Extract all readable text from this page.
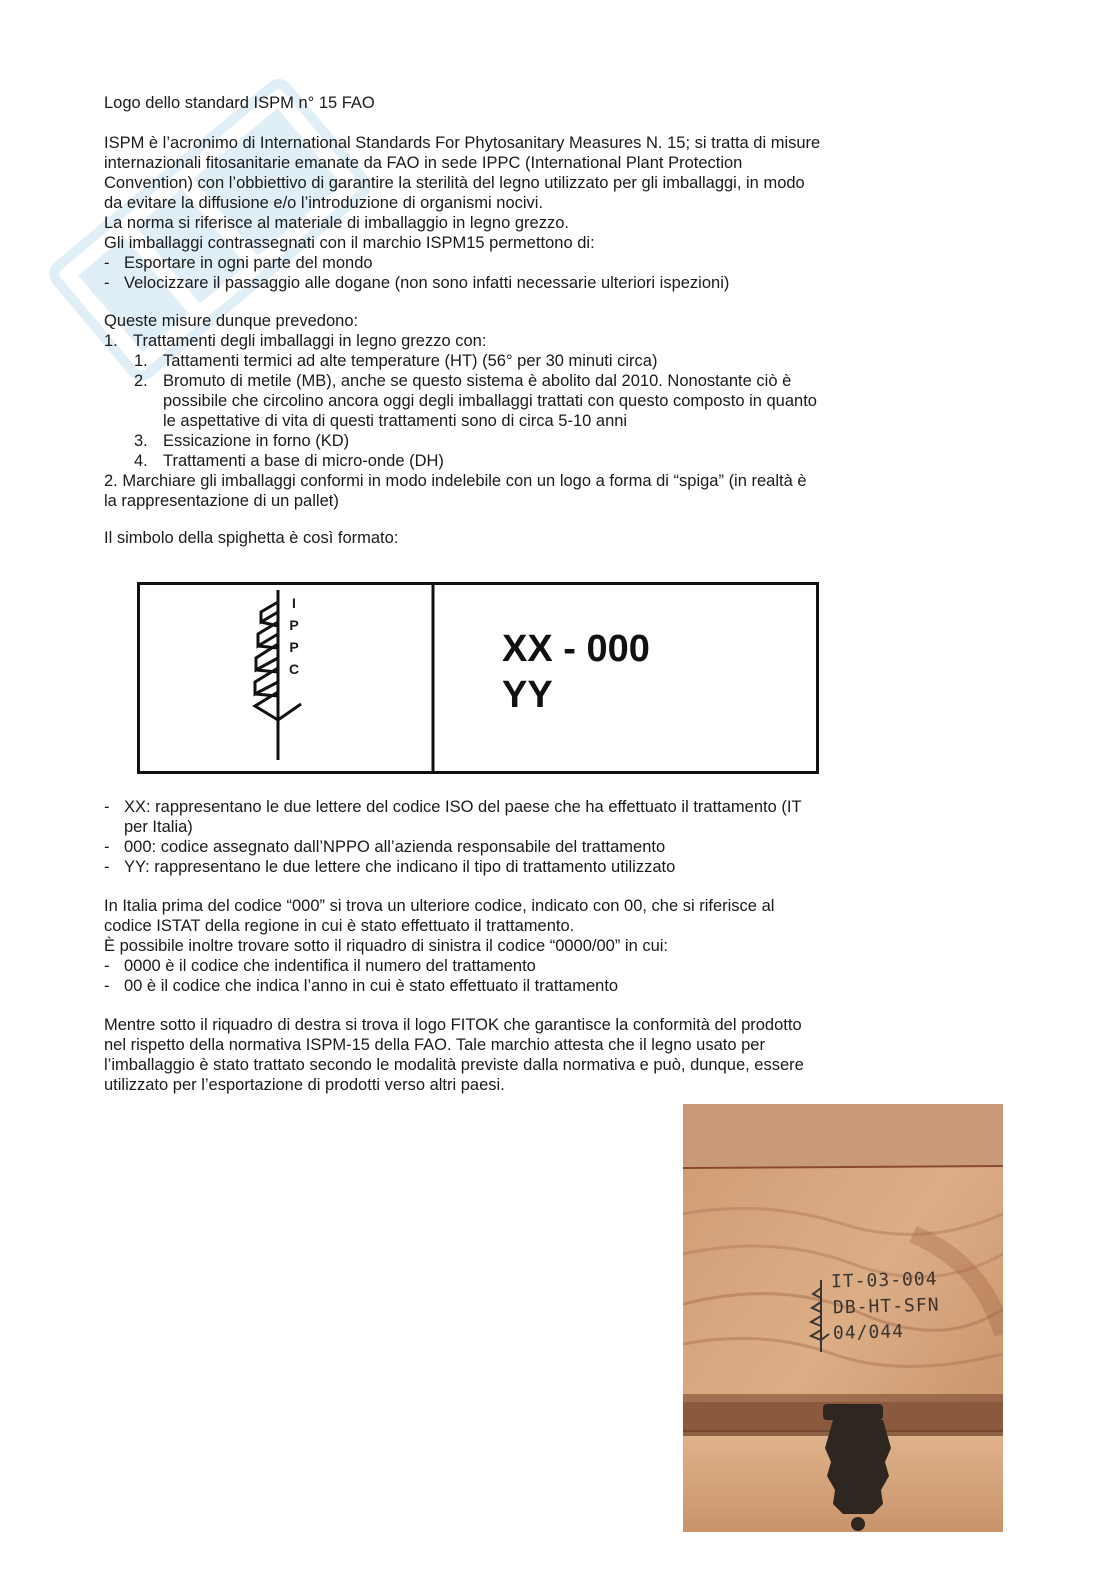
Logo dello standard ISPM n° 15 FAO
ISPM è l’acronimo di International Standards For Phytosanitary Measures N. 15; si tratta di misure
internazionali fitosanitarie emanate da FAO in sede IPPC (International Plant Protection
Convention) con l’obbiettivo di garantire la sterilità del legno utilizzato per gli imballaggi, in modo
da evitare la diffusione e/o l’introduzione di organismi nocivi.
La norma si riferisce al materiale di imballaggio in legno grezzo.
Gli imballaggi contrassegnati con il marchio ISPM15 permettono di:
- Esportare in ogni parte del mondo
- Velocizzare il passaggio alle dogane (non sono infatti necessarie ulteriori ispezioni)
Queste misure dunque prevedono:
1. Trattamenti degli imballaggi in legno grezzo con:
1. Tattamenti termici ad alte temperature (HT) (56° per 30 minuti circa)
2. Bromuto di metile (MB), anche se questo sistema è abolito dal 2010. Nonostante ciò è
possibile che circolino ancora oggi degli imballaggi trattati con questo composto in quanto
le aspettative di vita di questi trattamenti sono di circa 5-10 anni
3. Essicazione in forno (KD)
4. Trattamenti a base di micro-onde (DH)
2. Marchiare gli imballaggi conformi in modo indelebile con un logo a forma di “spiga” (in realtà è
la rappresentazione di un pallet)
Il simbolo della spighetta è così formato:
I
P
P
C	XX - 000
YY
- XX: rappresentano le due lettere del codice ISO del paese che ha effettuato il trattamento (IT
per Italia)
- 000: codice assegnato dall’NPPO all’azienda responsabile del trattamento
- YY: rappresentano le due lettere che indicano il tipo di trattamento utilizzato
In Italia prima del codice “000” si trova un ulteriore codice, indicato con 00, che si riferisce al
codice ISTAT della regione in cui è stato effettuato il trattamento.
È possibile inoltre trovare sotto il riquadro di sinistra il codice “0000/00” in cui:
- 0000 è il codice che indentifica il numero del trattamento
- 00 è il codice che indica l’anno in cui è stato effettuato il trattamento
Mentre sotto il riquadro di destra si trova il logo FITOK che garantisce la conformità del prodotto
nel rispetto della normativa ISPM-15 della FAO. Tale marchio attesta che il legno usato per
l’imballaggio è stato trattato secondo le modalità previste dalla normativa e può, dunque, essere
utilizzato per l’esportazione di prodotti verso altri paesi.
IT-03-004
DB-HT-SFN
04/044
